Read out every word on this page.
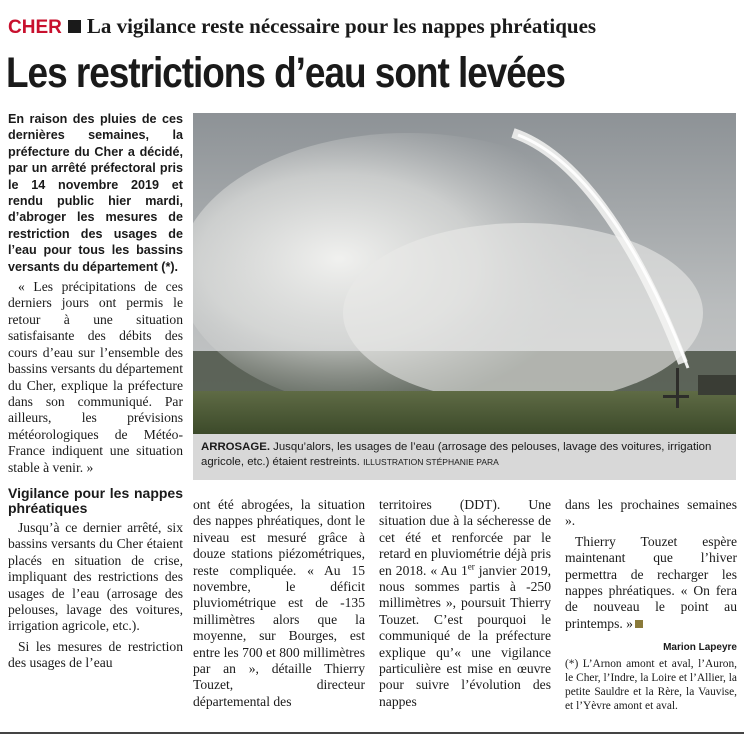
CHER La vigilance reste nécessaire pour les nappes phréatiques
Les restrictions d’eau sont levées

En raison des pluies de ces dernières semaines, la préfecture du Cher a décidé, par un arrêté préfectoral pris le 14 novembre 2019 et rendu public hier mardi, d’abroger les mesures de restriction des usages de l’eau pour tous les bassins versants du département (*).

« Les précipitations de ces derniers jours ont permis le retour à une situation satisfaisante des débits des cours d’eau sur l’ensemble des bassins versants du département du Cher, explique la préfecture dans son communiqué. Par ailleurs, les prévisions météorologiques de Météo-France indiquent une situation stable à venir. »

Vigilance pour les nappes phréatiques

Jusqu’à ce dernier arrêté, six bassins versants du Cher étaient placés en situation de crise, impliquant des restrictions des usages de l’eau (arrosage des pelouses, lavage des voitures, irrigation agricole, etc.).

Si les mesures de restriction des usages de l’eau

ARROSAGE. Jusqu’alors, les usages de l’eau (arrosage des pelouses, lavage des voitures, irrigation agricole, etc.) étaient restreints. ILLUSTRATION STÉPHANIE PARA

ont été abrogées, la situation des nappes phréatiques, dont le niveau est mesuré grâce à douze stations piézométriques, reste compliquée. « Au 15 novembre, le déficit pluviométrique est de -135 millimètres alors que la moyenne, sur Bourges, est entre les 700 et 800 millimètres par an », détaille Thierry Touzet, directeur départemental des

territoires (DDT). Une situation due à la sécheresse de cet été et renforcée par le retard en pluviométrie déjà pris en 2018. « Au 1er janvier 2019, nous sommes partis à -250 millimètres », poursuit Thierry Touzet. C’est pourquoi le communiqué de la préfecture explique qu’« une vigilance particulière est mise en œuvre pour suivre l’évolution des nappes

dans les prochaines semaines ».

Thierry Touzet espère maintenant que l’hiver permettra de recharger les nappes phréatiques. « On fera de nouveau le point au printemps. »

Marion Lapeyre

(*) L’Arnon amont et aval, l’Auron, le Cher, l’Indre, la Loire et l’Allier, la petite Sauldre et la Rère, la Vauvise, et l’Yèvre amont et aval.
